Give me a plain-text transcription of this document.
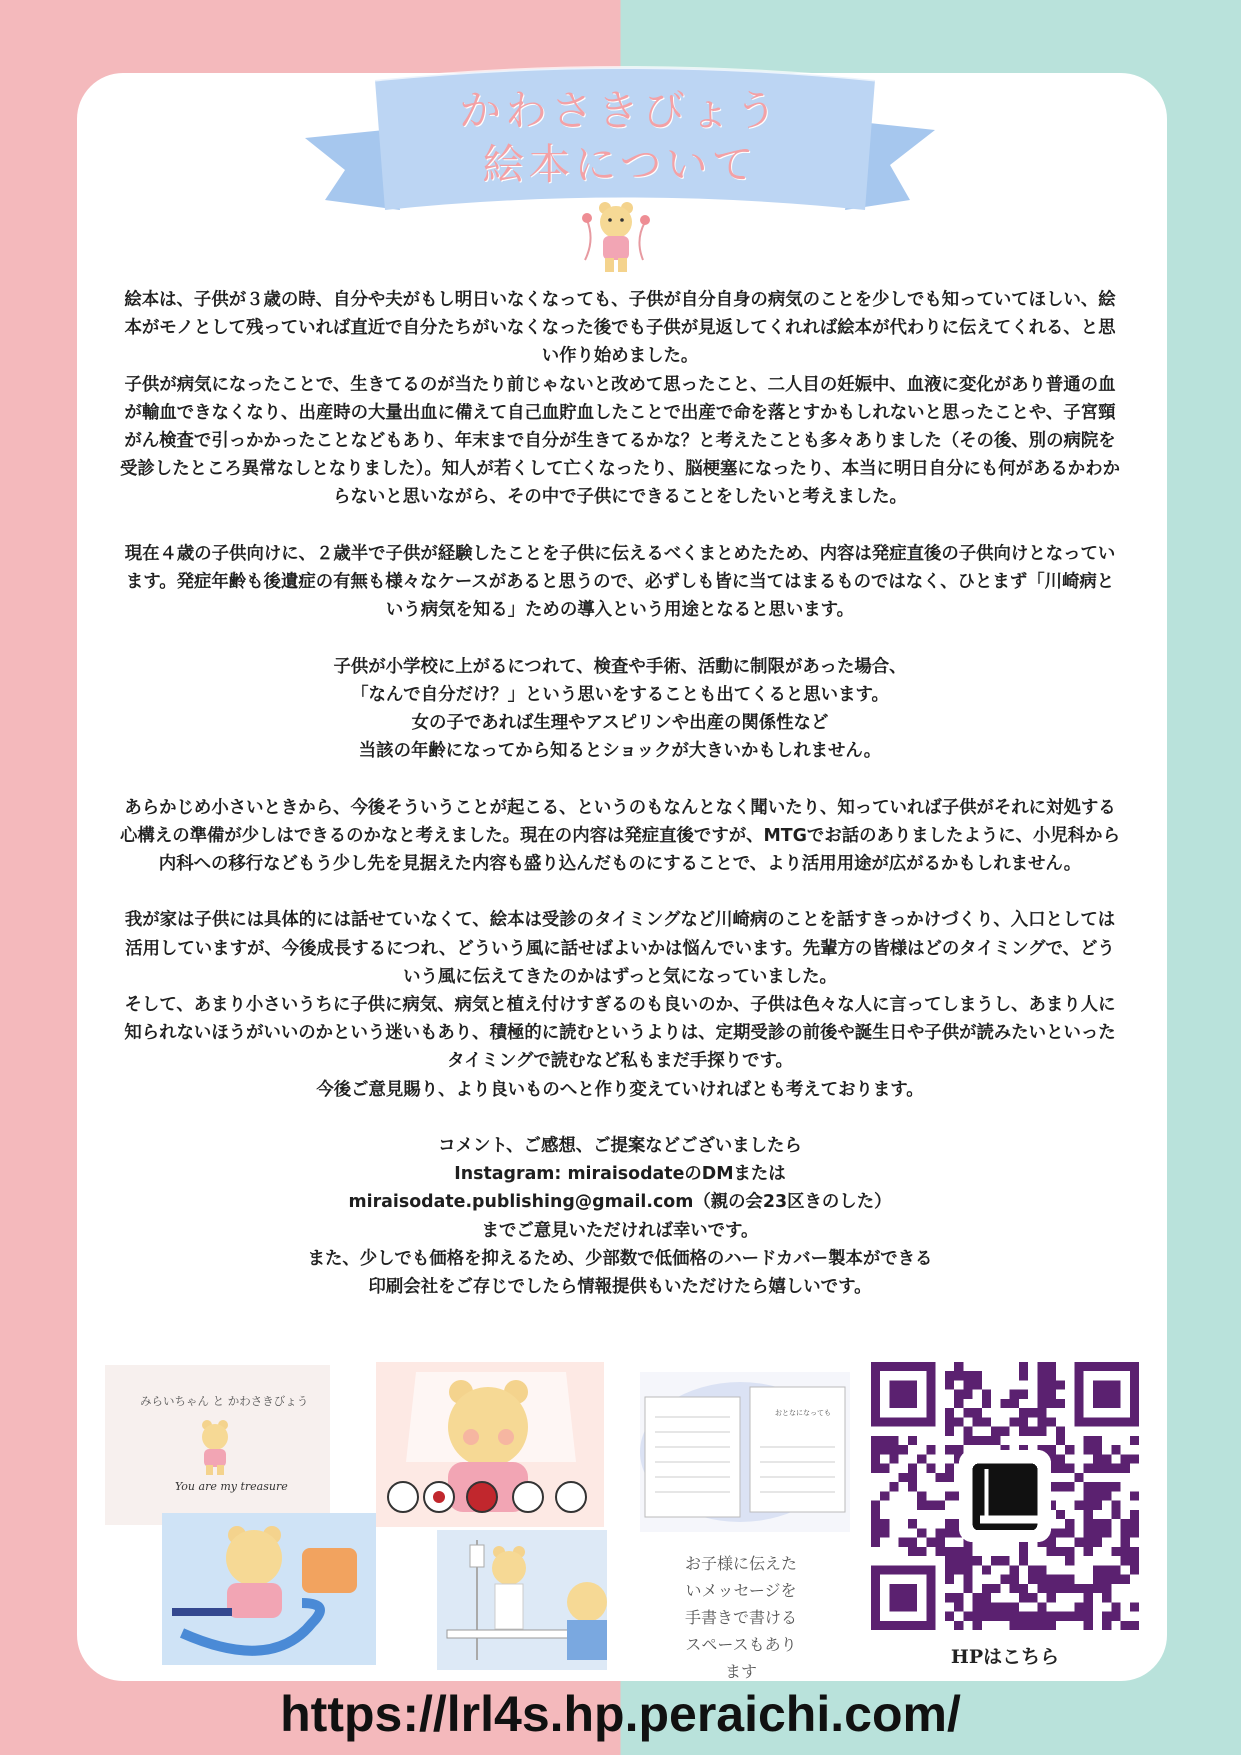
かわさきびょう
絵本について

絵本は、子供が３歳の時、自分や夫がもし明日いなくなっても、子供が自分自身の病気のことを少しでも知っていてほしい、絵本がモノとして残っていれば直近で自分たちがいなくなった後でも子供が見返してくれれば絵本が代わりに伝えてくれる、と思い作り始めました。

子供が病気になったことで、生きてるのが当たり前じゃないと改めて思ったこと、二人目の妊娠中、血液に変化があり普通の血が輸血できなくなり、出産時の大量出血に備えて自己血貯血したことで出産で命を落とすかもしれないと思ったことや、子宮頸がん検査で引っかかったことなどもあり、年末まで自分が生きてるかな？と考えたことも多々ありました（その後、別の病院を受診したところ異常なしとなりました）。知人が若くして亡くなったり、脳梗塞になったり、本当に明日自分にも何があるかわからないと思いながら、その中で子供にできることをしたいと考えました。

現在４歳の子供向けに、２歳半で子供が経験したことを子供に伝えるべくまとめたため、内容は発症直後の子供向けとなっています。発症年齢も後遺症の有無も様々なケースがあると思うので、必ずしも皆に当てはまるものではなく、ひとまず「川崎病という病気を知る」ための導入という用途となると思います。

子供が小学校に上がるにつれて、検査や手術、活動に制限があった場合、

「なんで自分だけ？」という思いをすることも出てくると思います。

女の子であれば生理やアスピリンや出産の関係性など

当該の年齢になってから知るとショックが大きいかもしれません。

あらかじめ小さいときから、今後そういうことが起こる、というのもなんとなく聞いたり、知っていれば子供がそれに対処する心構えの準備が少しはできるのかなと考えました。現在の内容は発症直後ですが、MTGでお話のありましたように、小児科から内科への移行などもう少し先を見据えた内容も盛り込んだものにすることで、より活用用途が広がるかもしれません。

我が家は子供には具体的には話せていなくて、絵本は受診のタイミングなど川崎病のことを話すきっかけづくり、入口としては活用していますが、今後成長するにつれ、どういう風に話せばよいかは悩んでいます。先輩方の皆様はどのタイミングで、どういう風に伝えてきたのかはずっと気になっていました。

そして、あまり小さいうちに子供に病気、病気と植え付けすぎるのも良いのか、子供は色々な人に言ってしまうし、あまり人に知られないほうがいいのかという迷いもあり、積極的に読むというよりは、定期受診の前後や誕生日や子供が読みたいといったタイミングで読むなど私もまだ手探りです。

今後ご意見賜り、より良いものへと作り変えていければとも考えております。

コメント、ご感想、ご提案などございましたら

Instagram: miraisodateのDMまたは

miraisodate.publishing@gmail.com（親の会23区きのした）

までご意見いただければ幸いです。

また、少しでも価格を抑えるため、少部数で低価格のハードカバー製本ができる

印刷会社をご存じでしたら情報提供もいただけたら嬉しいです。

みらいちゃん と かわさきびょう
You are my treasure
おとなになっても
お子様に伝えた
いメッセージを
手書きで書ける
スペースもあり
ます
HPはこちら
https://lrl4s.hp.peraichi.com/
